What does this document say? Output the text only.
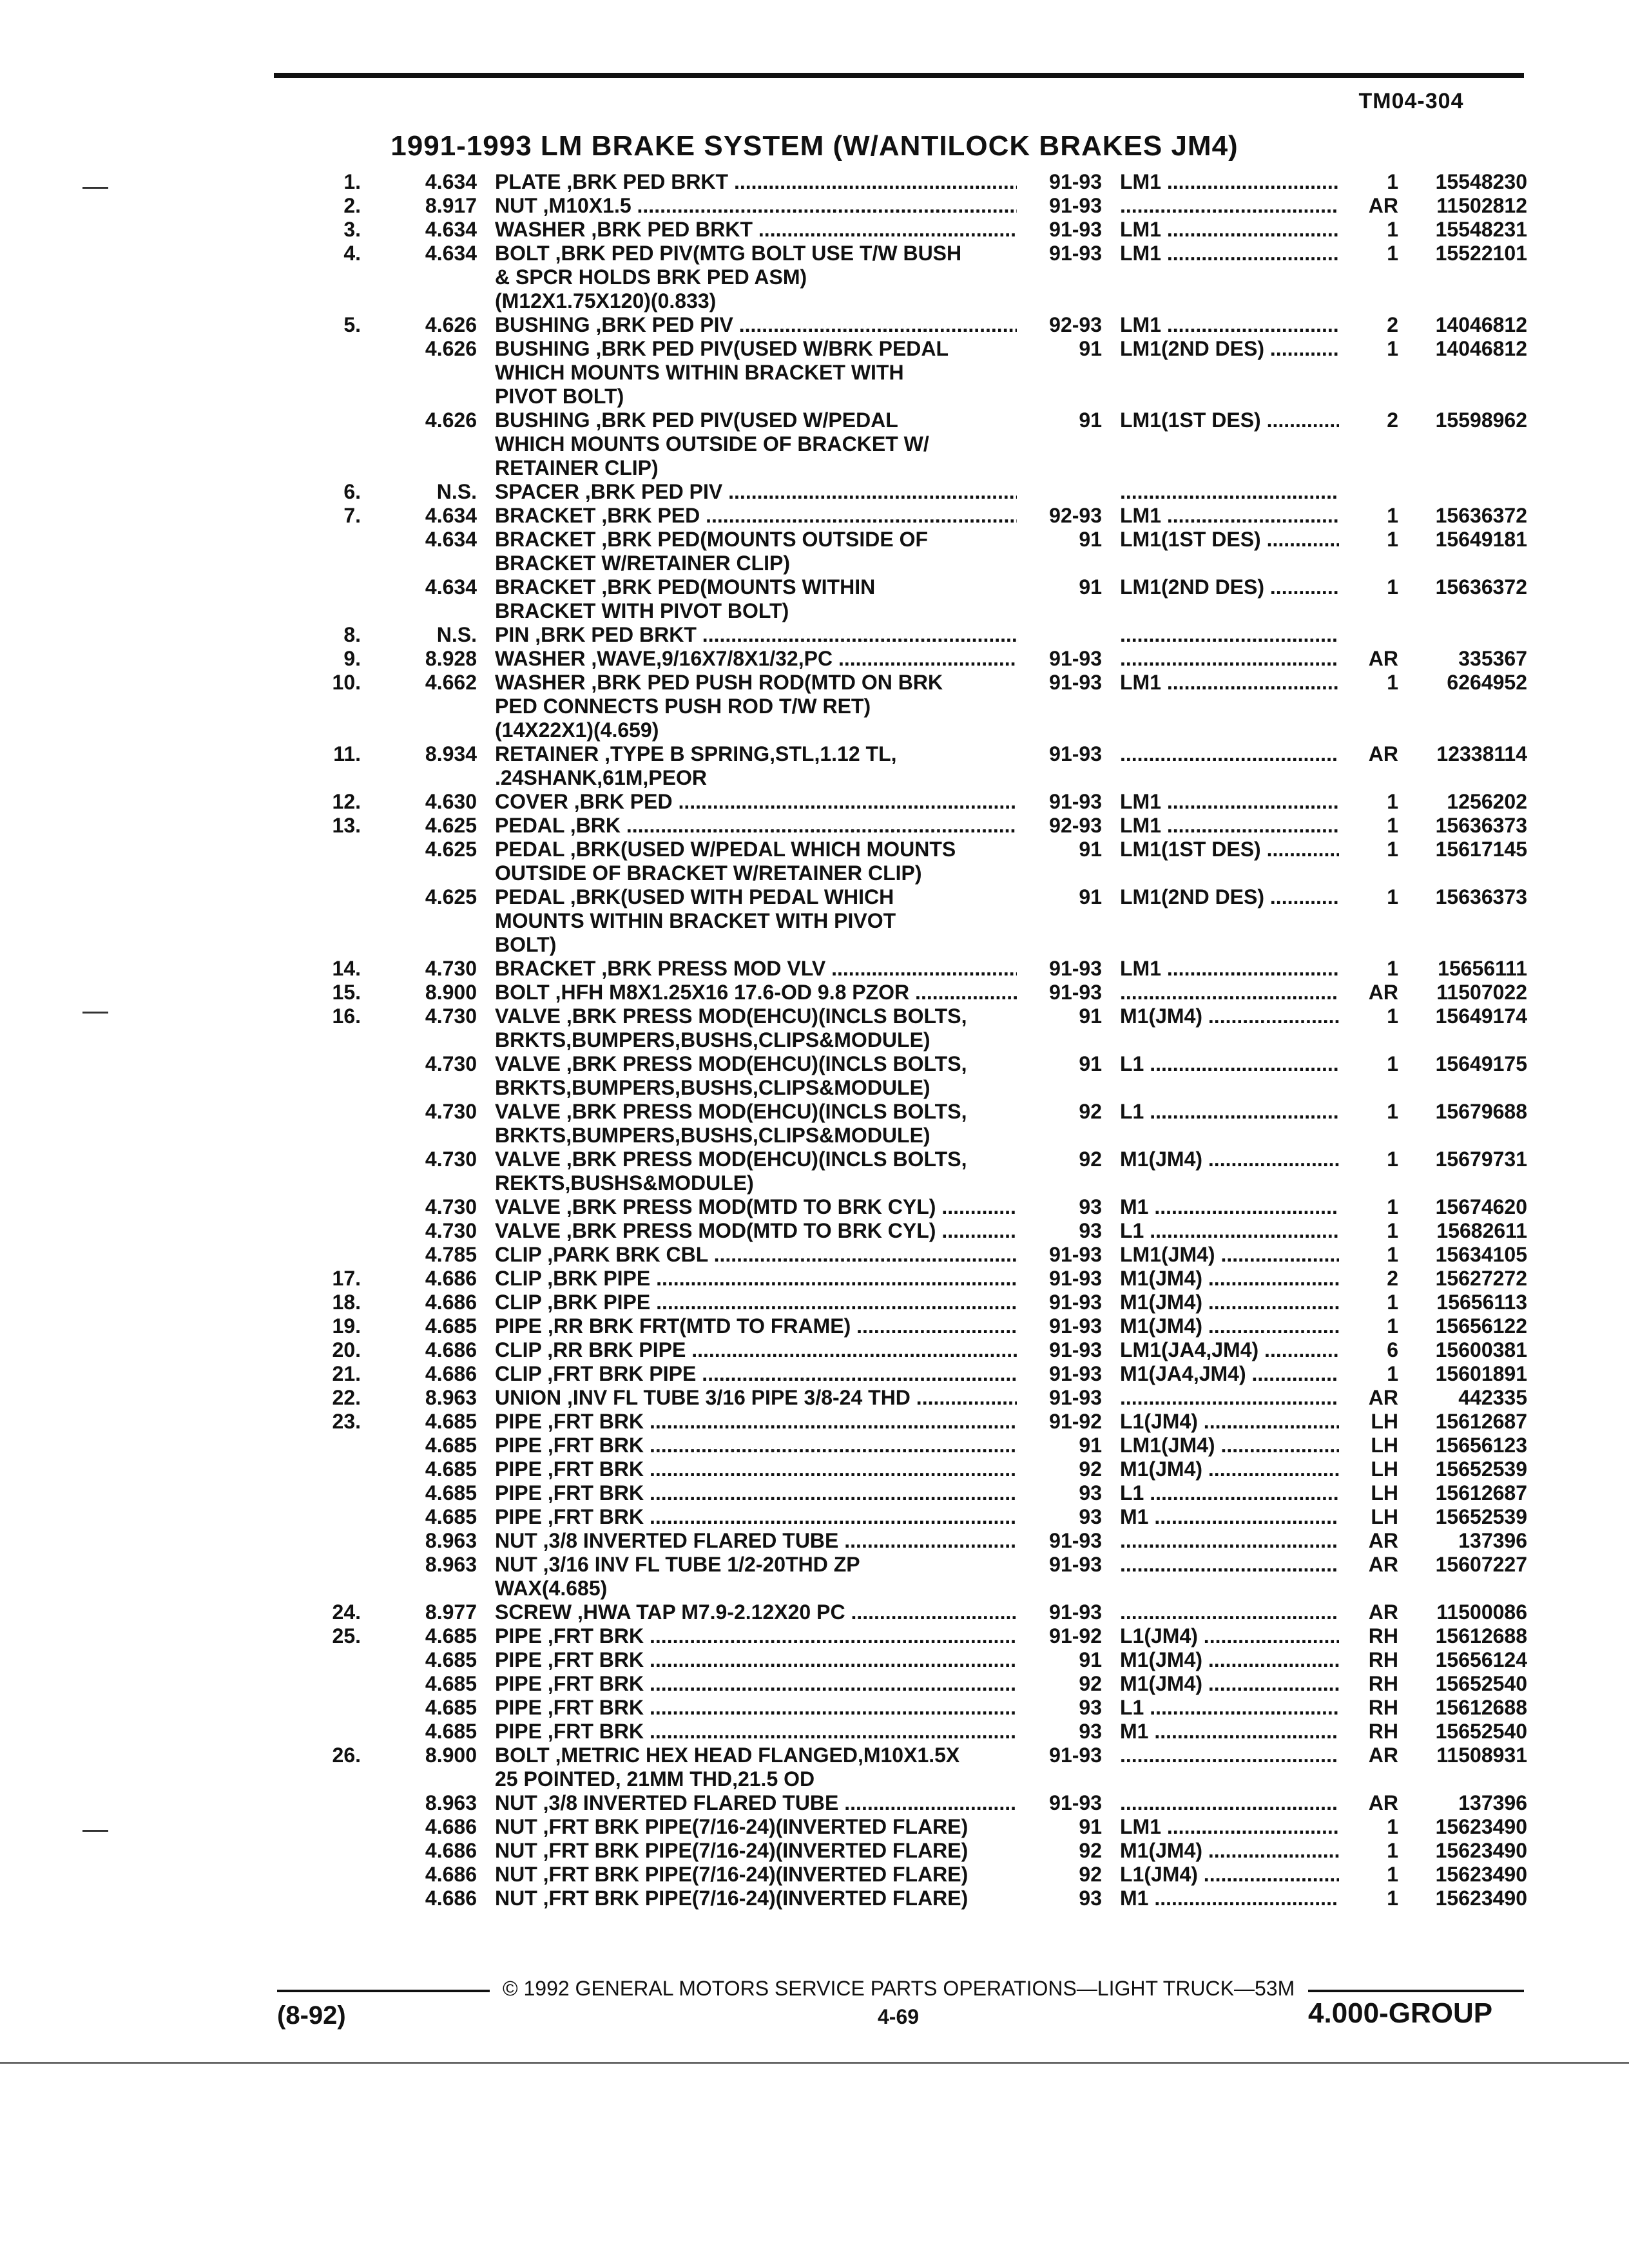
TM04-304
1991-1993 LM BRAKE SYSTEM (W/ANTILOCK BRAKES JM4)
1.	4.634 PLATE ,BRK PED BRKT .....	91-93 LM1 .....	1	15548230
2.	8.917 NUT ,M10X1.5 .....	91-93 .....	AR	11502812
3.	4.634 WASHER ,BRK PED BRKT .....	91-93 LM1 .....	1	15548231
4.	4.634 BOLT ,BRK PED PIV(MTG BOLT USE T/W BUSH	91-93 LM1 .....	1	15522101
& SPCR HOLDS BRK PED ASM)
(M12X1.75X120)(0.833)
5.	4.626 BUSHING ,BRK PED PIV .....	92-93 LM1 .....	2	14046812
4.626 BUSHING ,BRK PED PIV(USED W/BRK PEDAL	91 LM1(2ND DES) .....	1	14046812
WHICH MOUNTS WITHIN BRACKET WITH
PIVOT BOLT)
4.626 BUSHING ,BRK PED PIV(USED W/PEDAL	91 LM1(1ST DES) .....	2	15598962
WHICH MOUNTS OUTSIDE OF BRACKET W/
RETAINER CLIP)
6.	N.S. SPACER ,BRK PED PIV .....
.....
7.	4.634 BRACKET ,BRK PED .....	92-93 LM1 .....	1	15636372
4.634 BRACKET ,BRK PED(MOUNTS OUTSIDE OF	91 LM1(1ST DES) .....	1	15649181
BRACKET W/RETAINER CLIP)
4.634 BRACKET ,BRK PED(MOUNTS WITHIN	91 LM1(2ND DES) .....	1	15636372
BRACKET WITH PIVOT BOLT)
8.	N.S. PIN ,BRK PED BRKT .....
.....
9.	8.928 WASHER ,WAVE,9/16X7/8X1/32,PC .....	91-93 .....	AR	335367
10.	4.662 WASHER ,BRK PED PUSH ROD(MTD ON BRK	91-93 LM1 .....	1	6264952
PED CONNECTS PUSH ROD T/W RET)
(14X22X1)(4.659)
11.	8.934 RETAINER ,TYPE B SPRING,STL,1.12 TL,	91-93 .....	AR	12338114
.24SHANK,61M,PEOR
12.	4.630 COVER ,BRK PED .....	91-93 LM1 .....	1	1256202
13.	4.625 PEDAL ,BRK .....	92-93 LM1 .....	1	15636373
4.625 PEDAL ,BRK(USED W/PEDAL WHICH MOUNTS	91 LM1(1ST DES) .....	1	15617145
OUTSIDE OF BRACKET W/RETAINER CLIP)
4.625 PEDAL ,BRK(USED WITH PEDAL WHICH	91 LM1(2ND DES) .....	1	15636373
MOUNTS WITHIN BRACKET WITH PIVOT
BOLT)
14.	4.730 BRACKET ,BRK PRESS MOD VLV .....	91-93 LM1 .....	1	15656111
15.	8.900 BOLT ,HFH M8X1.25X16 17.6-OD 9.8 PZOR .....	91-93 .....	AR	11507022
16.	4.730 VALVE ,BRK PRESS MOD(EHCU)(INCLS BOLTS,	91 M1(JM4) .....	1	15649174
BRKTS,BUMPERS,BUSHS,CLIPS&MODULE)
4.730 VALVE ,BRK PRESS MOD(EHCU)(INCLS BOLTS,	91 L1 .....	1	15649175
BRKTS,BUMPERS,BUSHS,CLIPS&MODULE)
4.730 VALVE ,BRK PRESS MOD(EHCU)(INCLS BOLTS,	92 L1 .....	1	15679688
BRKTS,BUMPERS,BUSHS,CLIPS&MODULE)
4.730 VALVE ,BRK PRESS MOD(EHCU)(INCLS BOLTS,	92 M1(JM4) .....	1	15679731
REKTS,BUSHS&MODULE)
4.730 VALVE ,BRK PRESS MOD(MTD TO BRK CYL) .....	93 M1 .....	1	15674620
4.730 VALVE ,BRK PRESS MOD(MTD TO BRK CYL) .....	93 L1 .....	1	15682611
4.785 CLIP ,PARK BRK CBL .....	91-93 LM1(JM4) .....	1	15634105
17.	4.686 CLIP ,BRK PIPE .....	91-93 M1(JM4) .....	2	15627272
18.	4.686 CLIP ,BRK PIPE .....	91-93 M1(JM4) .....	1	15656113
19.	4.685 PIPE ,RR BRK FRT(MTD TO FRAME) .....	91-93 M1(JM4) .....	1	15656122
20.	4.686 CLIP ,RR BRK PIPE .....	91-93 LM1(JA4,JM4) .....	6	15600381
21.	4.686 CLIP ,FRT BRK PIPE .....	91-93 M1(JA4,JM4) .....	1	15601891
22.	8.963 UNION ,INV FL TUBE 3/16 PIPE 3/8-24 THD .....	91-93 .....	AR	442335
23.	4.685 PIPE ,FRT BRK .....	91-92 L1(JM4) .....	LH	15612687
4.685 PIPE ,FRT BRK .....	91 LM1(JM4) .....	LH	15656123
4.685 PIPE ,FRT BRK .....	92 M1(JM4) .....	LH	15652539
4.685 PIPE ,FRT BRK .....	93 L1 .....	LH	15612687
4.685 PIPE ,FRT BRK .....	93 M1 .....	LH	15652539
8.963 NUT ,3/8 INVERTED FLARED TUBE .....	91-93 .....	AR	137396
8.963 NUT ,3/16 INV FL TUBE 1/2-20THD ZP	91-93 .....	AR	15607227
WAX(4.685)
24.	8.977 SCREW ,HWA TAP M7.9-2.12X20 PC .....	91-93 .....	AR	11500086
25.	4.685 PIPE ,FRT BRK .....	91-92 L1(JM4) .....	RH	15612688
4.685 PIPE ,FRT BRK .....	91 M1(JM4) .....	RH	15656124
4.685 PIPE ,FRT BRK .....	92 M1(JM4) .....	RH	15652540
4.685 PIPE ,FRT BRK .....	93 L1 .....	RH	15612688
4.685 PIPE ,FRT BRK .....	93 M1 .....	RH	15652540
26.	8.900 BOLT ,METRIC HEX HEAD FLANGED,M10X1.5X	91-93 .....	AR	11508931
25 POINTED, 21MM THD,21.5 OD
8.963 NUT ,3/8 INVERTED FLARED TUBE .....	91-93 .....	AR	137396
4.686 NUT ,FRT BRK PIPE(7/16-24)(INVERTED FLARE)	91 LM1 .....	1	15623490
4.686 NUT ,FRT BRK PIPE(7/16-24)(INVERTED FLARE)	92 M1(JM4) .....	1	15623490
4.686 NUT ,FRT BRK PIPE(7/16-24)(INVERTED FLARE)	92 L1(JM4) .....	1	15623490
4.686 NUT ,FRT BRK PIPE(7/16-24)(INVERTED FLARE)	93 M1 .....	1	15623490
© 1992 GENERAL MOTORS SERVICE PARTS OPERATIONS—LIGHT TRUCK—53M
(8-92)	4-69	4.000-GROUP
